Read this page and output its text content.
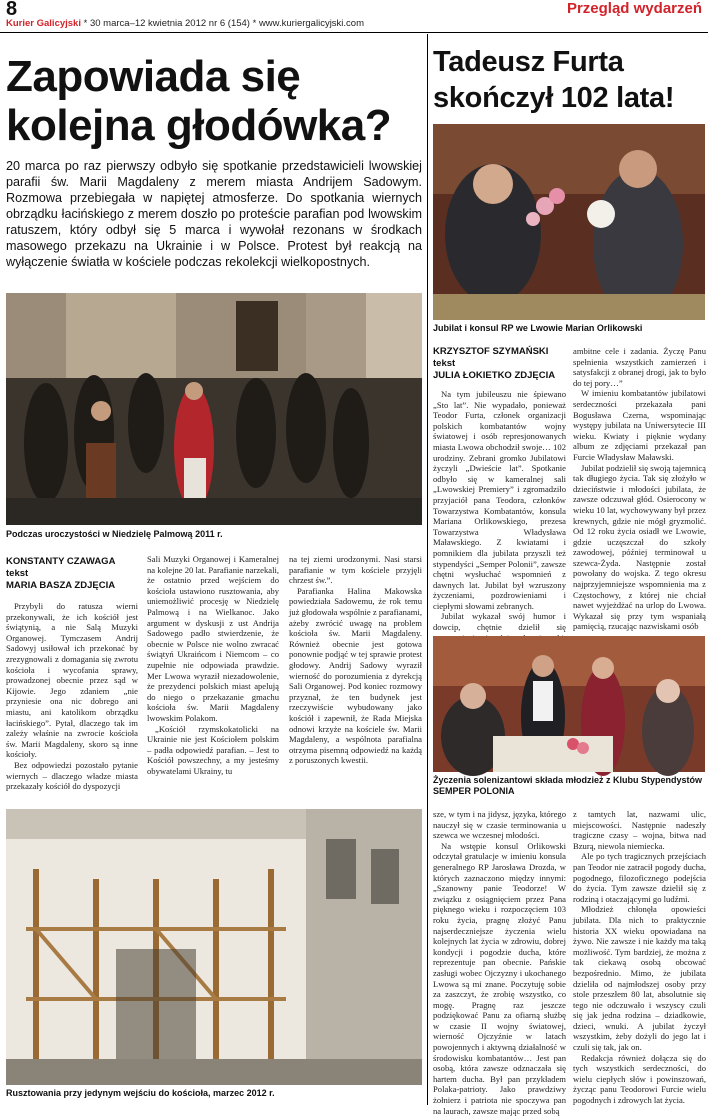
8	Przegląd wydarzeń
Kurier Galicyjski * 30 marca–12 kwietnia 2012 nr 6 (154) * www.kuriergalicyjski.com
Zapowiada się kolejna głodówka?

20 marca po raz pierwszy odbyło się spotkanie przedstawicieli lwowskiej parafii św. Marii Magdaleny z merem miasta Andrijem Sadowym. Rozmowa przebiegała w napiętej atmosferze. Do spotkania wiernych obrządku łacińskiego z merem doszło po proteście parafian pod lwowskim ratuszem, który odbył się 5 marca i wywołał rezonans w środkach masowego przekazu na Ukrainie i w Polsce. Protest był reakcją na wyłączenie światła w kościele podczas rekolekcji wielkopostnych.

Podczas uroczystości w Niedzielę Palmową 2011 r.
KONSTANTY CZAWAGA
tekst
MARIA BASZA ZDJĘCIA

Przybyli do ratusza wierni przekonywali, że ich kościół jest świątynią, a nie Salą Muzyki Organowej. Tymczasem Andrij Sadowyj usiłował ich przekonać by zrezygnowali z domagania się zwrotu kościoła i wycofania sprawy, prowadzonej obecnie przez sąd w Kijowie. Jego zdaniem „nie przyniesie ona nic dobrego ani miastu, ani katolikom obrządku łacińskiego”. Pytał, dlaczego tak im zależy właśnie na zwrocie kościoła św. Marii Magdaleny, skoro są inne kościoły.

Bez odpowiedzi pozostało pytanie wiernych – dlaczego władze miasta przekazały kościół do dyspozycji

Sali Muzyki Organowej i Kameralnej na kolejne 20 lat. Parafianie narzekali, że ostatnio przed wejściem do kościoła ustawiono rusztowania, aby uniemożliwić procesję w Niedzielę Palmową i na Wielkanoc. Jako argument w dyskusji z ust Andrija Sadowego padło stwierdzenie, że obecnie w Polsce nie wolno zwracać świątyń Ukraińcom i Niemcom – co zupełnie nie odpowiada prawdzie. Mer Lwowa wyraził niezadowolenie, że prezydenci polskich miast apelują do niego o przekazanie gmachu kościoła św. Marii Magdaleny lwowskim Polakom.

„Kościół rzymskokatolicki na Ukrainie nie jest Kościołem polskim – padła odpowiedź parafian. – Jest to Kościół powszechny, a my jesteśmy obywatelami Ukrainy, tu

na tej ziemi urodzonymi. Nasi starsi parafianie w tym kościele przyjęli chrzest św.”.

Parafianka Halina Makowska powiedziała Sadowemu, że rok temu już głodowała wspólnie z parafianami, ażeby zwrócić uwagę na problem kościoła św. Marii Magdaleny. Również obecnie jest gotowa ponownie podjąć w tej sprawie protest głodowy. Andrij Sadowy wyraził wierność do porozumienia z dyrekcją Sali Organowej. Pod koniec rozmowy przyznał, że ten budynek jest rzeczywiście wybudowany jako kościół i zapewnił, że Rada Miejska odnowi krzyże na kościele św. Marii Magdaleny, a wspólnota parafialna otrzyma pisemną odpowiedź na każdą z poruszonych kwestii.

Rusztowania przy jedynym wejściu do kościoła, marzec 2012 r.
Tadeusz Furta skończył 102 lata!
Jubilat i konsul RP we Lwowie Marian Orlikowski
KRZYSZTOF SZYMAŃSKI
tekst
JULIA ŁOKIETKO ZDJĘCIA

Na tym jubileuszu nie śpiewano „Sto lat”. Nie wypadało, ponieważ Teodor Furta, członek organizacji polskich kombatantów wojny światowej i osób represjonowanych miasta Lwowa obchodził swoje… 102 urodziny. Zebrani gromko Jubilatowi życzyli „Dwieście lat”. Spotkanie odbyło się w kameralnej sali „Lwowskiej Premiery” i zgromadziło przyjaciół pana Teodora, członków Towarzystwa Kombatantów, konsula Mariana Orlikowskiego, prezesa Towarzystwa Władysława Maławskiego. Z kwiatami i pomnikiem dla jubilata przyszli też stypendyści „Semper Polonii”, zawsze chętni wysłuchać wspomnień z dawnych lat. Jubilat był wzruszony życzeniami, pozdrowieniami i ciepłymi słowami zebranych.

Jubilat wykazał swój humor i dowcip, chętnie dzielił się

ambitne cele i zadania. Życzę Panu spełnienia wszystkich zamierzeń i satysfakcji z obranej drogi, jak to było do tej pory…”

W imieniu kombatantów jubilatowi serdeczności przekazała pani Bogusława Czerna, wspominając występy jubilata na Uniwersytecie III wieku. Kwiaty i pięknie wydany album ze zdjęciami przekazał pan Furcie Władysław Maławski.

Jubilat podzielił się swoją tajemnicą tak długiego życia. Tak się złożyło w dzieciństwie i młodości jubilata, że zawsze odczuwał głód. Osierocony w wieku 10 lat, wychowywany był przez krewnych, gdzie nie mógł gryzmolić. Od 12 roku życia osiadł we Lwowie, gdzie uczęszczał do szkoły zawodowej, później terminował u szewca-Żyda. Następnie został powołany do wojska. Z tego okresu najprzyjemniejsze wspomnienia ma z Częstochowy, z której nie chciał nawet wyjeżdżać na urlop do Lwowa. Wykazał się przy tym wspaniałą pamięcią, rzucając nazwiskami osób

Życzenia solenizantowi składa młodzież z Klubu Stypendystów SEMPER POLONIA

sze, w tym i na jidysz, języka, którego nauczył się w czasie terminowania u szewca we wczesnej młodości.

Na wstępie konsul Orlikowski odczytał gratulacje w imieniu konsula generalnego RP Jarosława Drozda, w których zaznaczono między innymi: „Szanowny panie Teodorze! W związku z osiągnięciem przez Pana pięknego wieku i rozpoczęciem 103 roku życia, pragnę złożyć Panu najserdeczniejsze życzenia wielu kolejnych lat życia w zdrowiu, dobrej kondycji i pogodzie ducha, które reprezentuje pan obecnie. Pańskie zasługi wobec Ojczyzny i ukochanego Lwowa są mi znane. Poczytuję sobie za zaszczyt, że zrobię wszystko, co mogę. Pragnę raz jeszcze podziękować Panu za ofiarną służbę w czasie II wojny światowej, wierność Ojczyźnie w latach powojennych i aktywną działalność w środowisku kombatantów… Jest pan osobą, która zawsze odznaczała się hartem ducha. Był pan przykładem Polaka-patrioty. Jako prawdziwy żołnierz i patriota nie spoczywa pan na laurach, zawsze mając przed sobą

z tamtych lat, nazwami ulic, miejscowości. Następnie nadeszły tragiczne czasy – wojna, bitwa nad Bzurą, niewola niemiecka.

Ale po tych tragicznych przejściach pan Teodor nie zatracił pogody ducha, pogodnego, filozoficznego podejścia do życia. Tym zawsze dzielił się z rodziną i otaczającymi go ludźmi.

Młodzież chłonęła opowieści jubilata. Dla nich to praktycznie historia XX wieku opowiadana na żywo. Nie zawsze i nie każdy ma taką możliwość. Tym bardziej, że można z tak ciekawą osobą obcować bezpośrednio. Mimo, że jubilata dzieliła od najmłodszej osoby przy stole przeszłem 80 lat, absolutnie się tego nie odczuwało i wszyscy czuli się jak jedna rodzina – dziadkowie, dzieci, wnuki. A jubilat życzył wszystkim, żeby dożyli do jego lat i czuli się tak, jak on.

Redakcja również dołącza się do tych wszystkich serdeczności, do wielu ciepłych słów i powinszowań, życząc panu Teodorowi Furcie wielu pogodnych i zdrowych lat życia.
